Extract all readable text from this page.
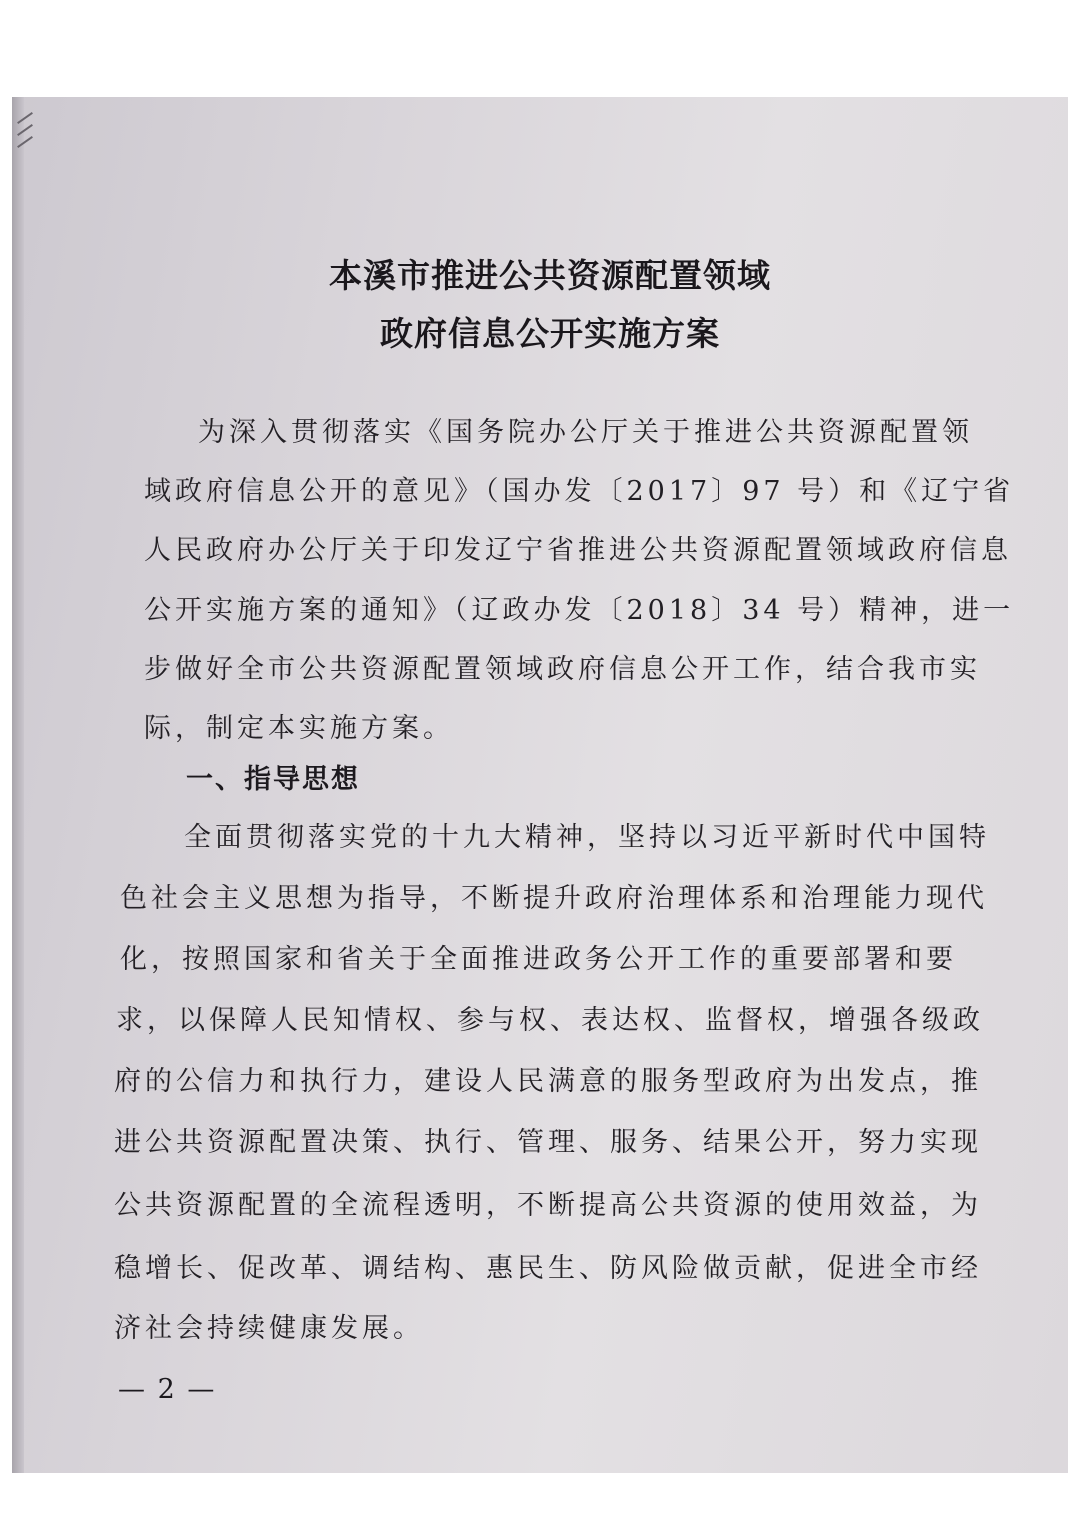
本溪市推进公共资源配置领域
政府信息公开实施方案
为深入贯彻落实《国务院办公厅关于推进公共资源配置领
域政府信息公开的意见》（国办发〔2017〕97 号）和《辽宁省
人民政府办公厅关于印发辽宁省推进公共资源配置领域政府信息
公开实施方案的通知》（辽政办发〔2018〕34 号）精神，进一
步做好全市公共资源配置领域政府信息公开工作，结合我市实
际，制定本实施方案。
一、指导思想
全面贯彻落实党的十九大精神，坚持以习近平新时代中国特
色社会主义思想为指导，不断提升政府治理体系和治理能力现代
化，按照国家和省关于全面推进政务公开工作的重要部署和要
求，以保障人民知情权、参与权、表达权、监督权，增强各级政
府的公信力和执行力，建设人民满意的服务型政府为出发点，推
进公共资源配置决策、执行、管理、服务、结果公开，努力实现
公共资源配置的全流程透明，不断提高公共资源的使用效益，为
稳增长、促改革、调结构、惠民生、防风险做贡献，促进全市经
济社会持续健康发展。
— 2 —
